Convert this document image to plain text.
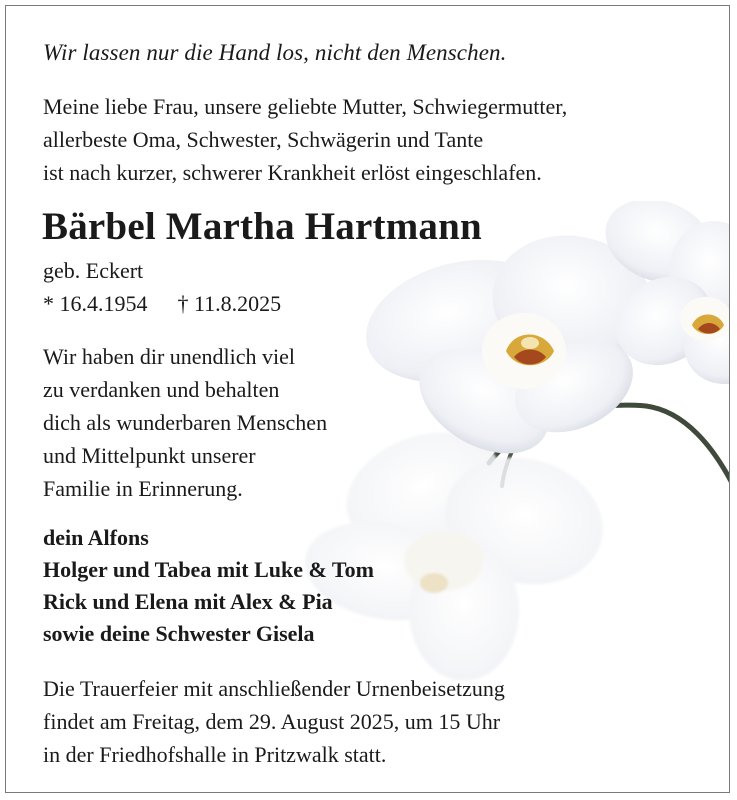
Wir lassen nur die Hand los, nicht den Menschen.
Meine liebe Frau, unsere geliebte Mutter, Schwiegermutter,
allerbeste Oma, Schwester, Schwägerin und Tante
ist nach kurzer, schwerer Krankheit erlöst eingeschlafen.
Bärbel Martha Hartmann
geb. Eckert
* 16.4.1954 † 11.8.2025
Wir haben dir unendlich viel
zu verdanken und behalten
dich als wunderbaren Menschen
und Mittelpunkt unserer
Familie in Erinnerung.
dein Alfons
Holger und Tabea mit Luke & Tom
Rick und Elena mit Alex & Pia
sowie deine Schwester Gisela
Die Trauerfeier mit anschließender Urnenbeisetzung
findet am Freitag, dem 29. August 2025, um 15 Uhr
in der Friedhofshalle in Pritzwalk statt.
